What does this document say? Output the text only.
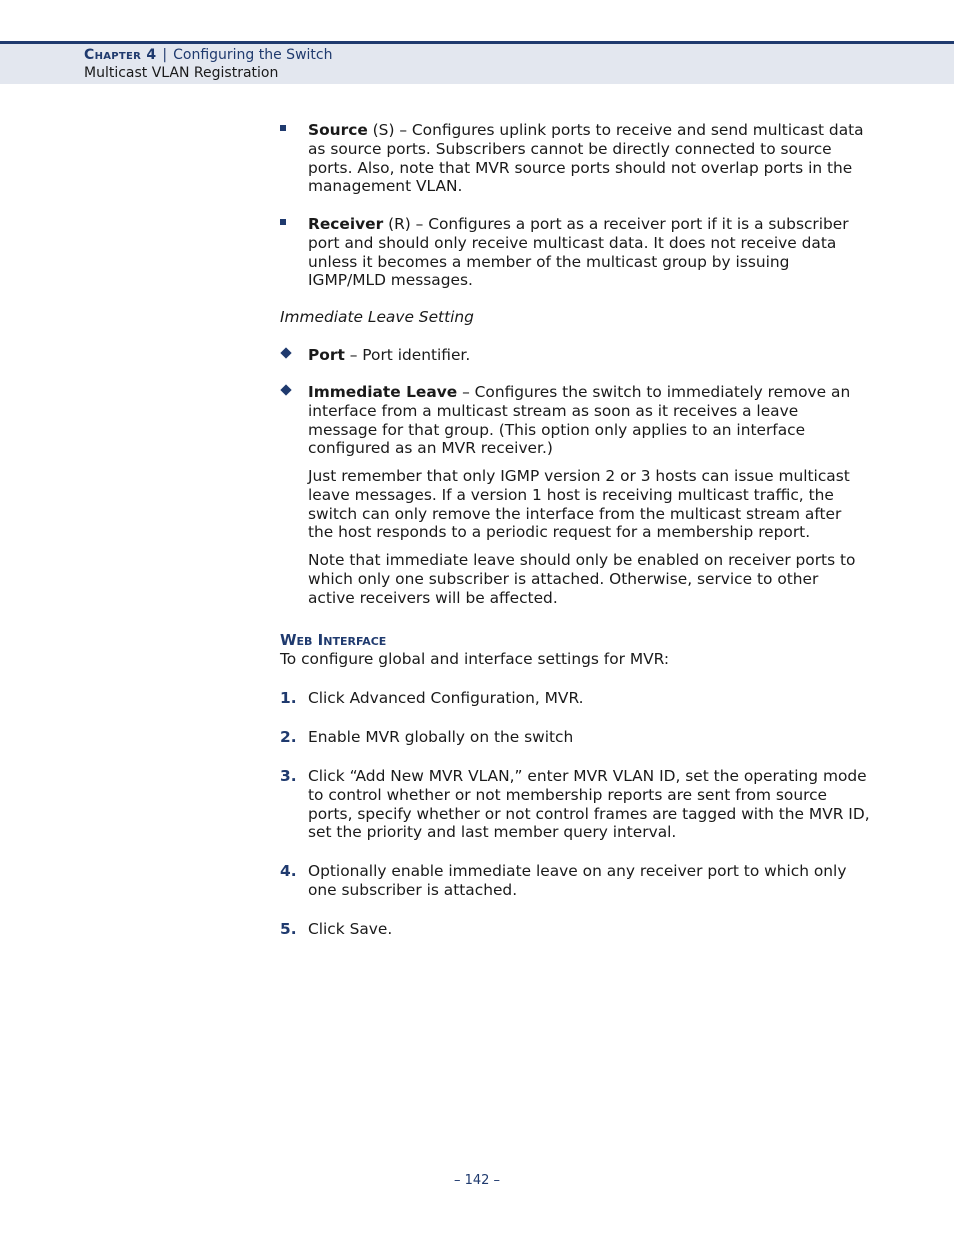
Chapter 4 | Configuring the Switch
Multicast VLAN Registration
Source (S) – Configures uplink ports to receive and send multicast data as source ports. Subscribers cannot be directly connected to source ports. Also, note that MVR source ports should not overlap ports in the management VLAN.
Receiver (R) – Configures a port as a receiver port if it is a subscriber port and should only receive multicast data. It does not receive data unless it becomes a member of the multicast group by issuing IGMP/MLD messages.
Immediate Leave Setting
Port – Port identifier.
Immediate Leave – Configures the switch to immediately remove an interface from a multicast stream as soon as it receives a leave message for that group. (This option only applies to an interface configured as an MVR receiver.)
Just remember that only IGMP version 2 or 3 hosts can issue multicast leave messages. If a version 1 host is receiving multicast traffic, the switch can only remove the interface from the multicast stream after the host responds to a periodic request for a membership report.
Note that immediate leave should only be enabled on receiver ports to which only one subscriber is attached. Otherwise, service to other active receivers will be affected.
Web Interface
To configure global and interface settings for MVR:
1. Click Advanced Configuration, MVR.
2. Enable MVR globally on the switch
3. Click “Add New MVR VLAN,” enter MVR VLAN ID, set the operating mode to control whether or not membership reports are sent from source ports, specify whether or not control frames are tagged with the MVR ID, set the priority and last member query interval.
4. Optionally enable immediate leave on any receiver port to which only one subscriber is attached.
5. Click Save.
– 142 –
